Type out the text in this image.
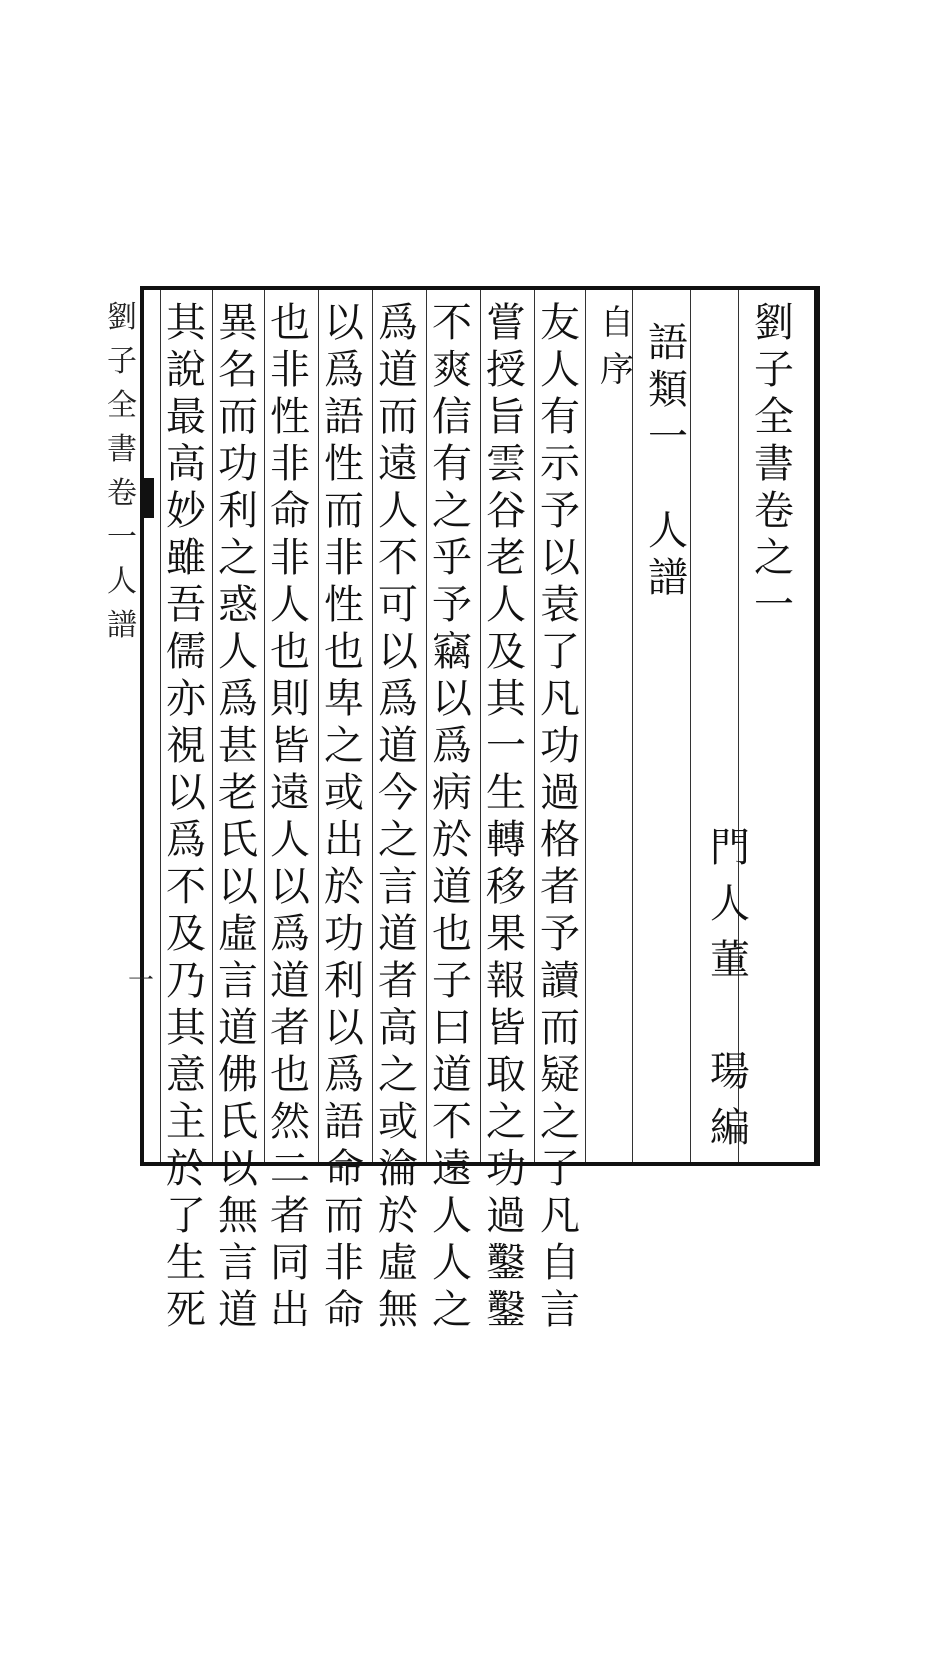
劉
子
全
書
卷
之
一
門
人
董

瑒
編
語
類
一

人
譜
自
序
友
人
有
示
予
以
袁
了
凡
功
過
格
者
予
讀
而
疑
之
了
凡
自
言
嘗
授
旨
雲
谷
老
人
及
其
一
生
轉
移
果
報
皆
取
之
功
過
鑿
鑿
不
爽
信
有
之
乎
予
竊
以
爲
病
於
道
也
子
曰
道
不
遠
人
人
之
爲
道
而
遠
人
不
可
以
爲
道
今
之
言
道
者
高
之
或
淪
於
虛
無
以
爲
語
性
而
非
性
也
卑
之
或
出
於
功
利
以
爲
語
命
而
非
命
也
非
性
非
命
非
人
也
則
皆
遠
人
以
爲
道
者
也
然
二
者
同
出
異
名
而
功
利
之
惑
人
爲
甚
老
氏
以
虛
言
道
佛
氏
以
無
言
道
其
說
最
高
妙
雖
吾
儒
亦
視
以
爲
不
及
乃
其
意
主
於
了
生
死
劉
子
全
書
卷
一
人
譜
一
